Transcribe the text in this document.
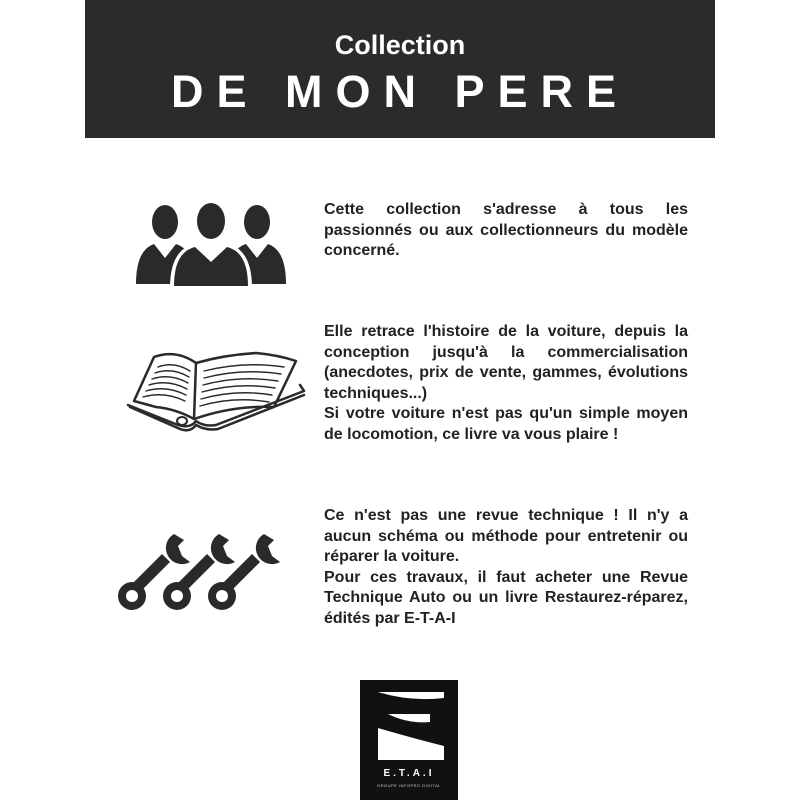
Collection
DE MON PERE

Cette collection s'adresse à tous les passionnés ou aux collectionneurs du modèle concerné.

Elle retrace l'histoire de la voiture, depuis la conception jusqu'à la commercialisation (anecdotes, prix de vente, gammes, évolutions techniques...)

Si votre voiture n'est pas qu'un simple moyen de locomotion, ce livre va vous plaire !

Ce n'est pas une revue technique ! Il n'y a aucun schéma ou méthode pour entretenir ou réparer la voiture.

Pour ces travaux, il faut acheter une Revue Technique Auto ou un livre Restaurez-réparez, édités par E-T-A-I

E.T.A.I
GROUPE INFOPRO DIGITAL
